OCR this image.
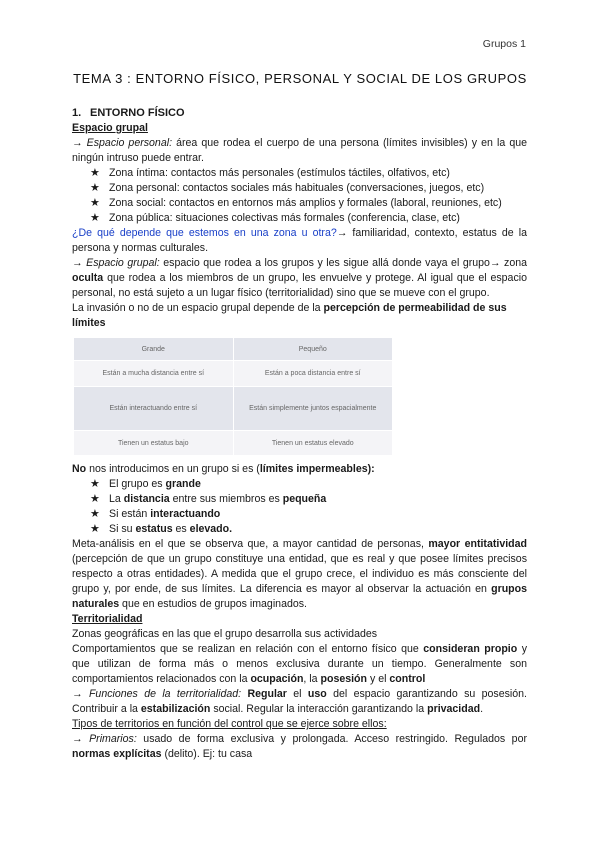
Grupos 1
TEMA 3 : ENTORNO FÍSICO, PERSONAL Y SOCIAL DE LOS GRUPOS

1. ENTORNO FÍSICO

Espacio grupal

→ Espacio personal: área que rodea el cuerpo de una persona (límites invisibles) y en la que ningún intruso puede entrar.

★ Zona íntima: contactos más personales (estímulos táctiles, olfativos, etc)
★ Zona personal: contactos sociales más habituales (conversaciones, juegos, etc)
★ Zona social: contactos en entornos más amplios y formales (laboral, reuniones, etc)
★ Zona pública: situaciones colectivas más formales (conferencia, clase, etc)

¿De qué depende que estemos en una zona u otra?→ familiaridad, contexto, estatus de la persona y normas culturales.

→ Espacio grupal: espacio que rodea a los grupos y les sigue allá donde vaya el grupo→ zona oculta que rodea a los miembros de un grupo, les envuelve y protege. Al igual que el espacio personal, no está sujeto a un lugar físico (territorialidad) sino que se mueve con el grupo.

La invasión o no de un espacio grupal depende de la percepción de permeabilidad de sus límites

Grande	Pequeño
Están a mucha distancia entre sí	Están a poca distancia entre sí
Están interactuando entre sí	Están simplemente juntos espacialmente
Tienen un estatus bajo	Tienen un estatus elevado

No nos introducimos en un grupo si es (límites impermeables):

★ El grupo es grande
★ La distancia entre sus miembros es pequeña
★ Si están interactuando
★ Si su estatus es elevado.

Meta-análisis en el que se observa que, a mayor cantidad de personas, mayor entitatividad (percepción de que un grupo constituye una entidad, que es real y que posee límites precisos respecto a otras entidades). A medida que el grupo crece, el individuo es más consciente del grupo y, por ende, de sus límites. La diferencia es mayor al observar la actuación en grupos naturales que en estudios de grupos imaginados.

Territorialidad

Zonas geográficas en las que el grupo desarrolla sus actividades

Comportamientos que se realizan en relación con el entorno físico que consideran propio y que utilizan de forma más o menos exclusiva durante un tiempo. Generalmente son comportamientos relacionados con la ocupación, la posesión y el control

→ Funciones de la territorialidad: Regular el uso del espacio garantizando su posesión. Contribuir a la estabilización social. Regular la interacción garantizando la privacidad.

Tipos de territorios en función del control que se ejerce sobre ellos:

→ Primarios: usado de forma exclusiva y prolongada. Acceso restringido. Regulados por normas explícitas (delito). Ej: tu casa
